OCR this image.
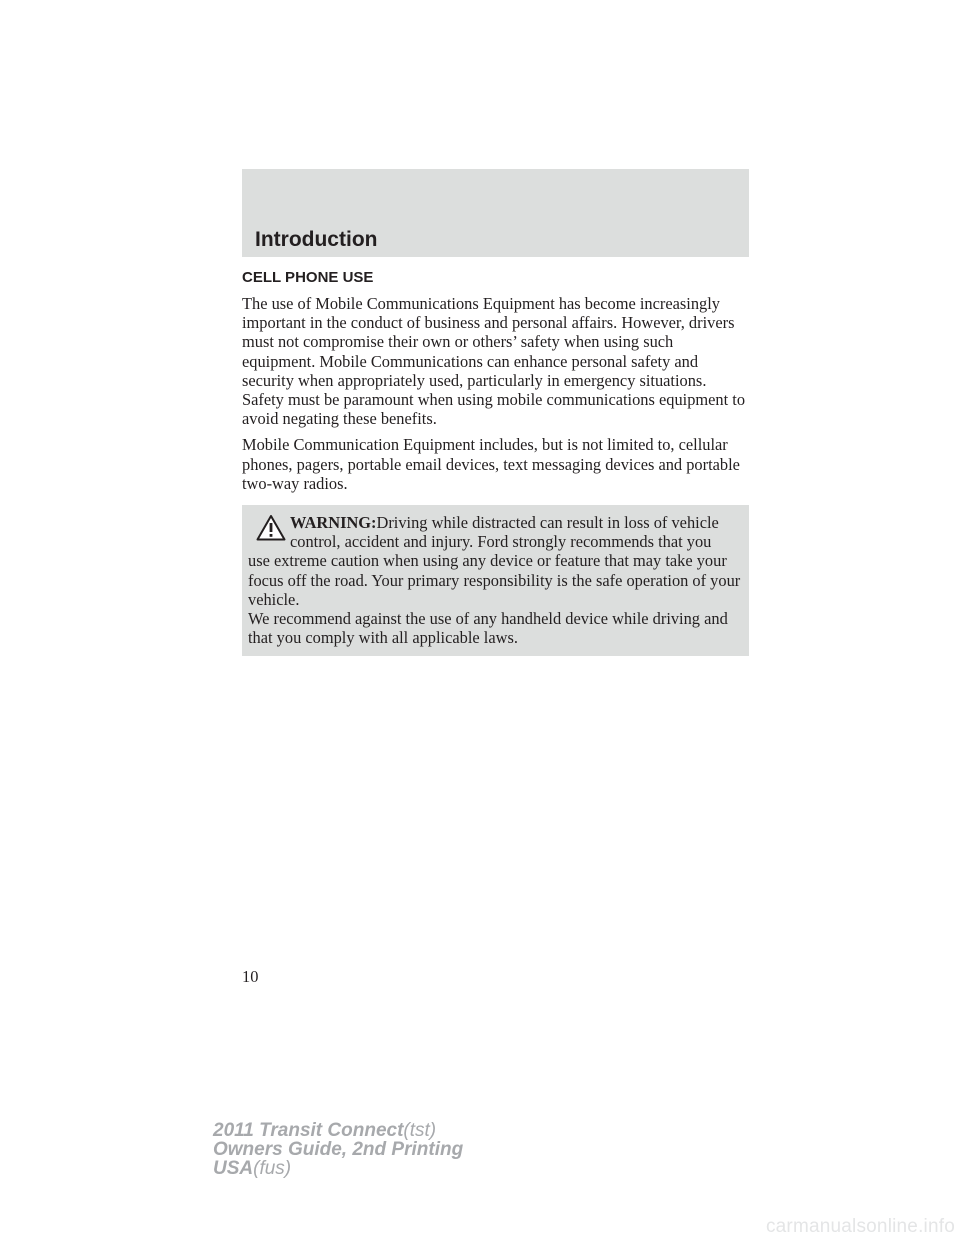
Introduction
CELL PHONE USE

The use of Mobile Communications Equipment has become increasingly important in the conduct of business and personal affairs. However, drivers must not compromise their own or others’ safety when using such equipment. Mobile Communications can enhance personal safety and security when appropriately used, particularly in emergency situations. Safety must be paramount when using mobile communications equipment to avoid negating these benefits.

Mobile Communication Equipment includes, but is not limited to, cellular phones, pagers, portable email devices, text messaging devices and portable two-way radios.

WARNING:Driving while distracted can result in loss of vehicle
control, accident and injury. Ford strongly recommends that you
use extreme caution when using any device or feature that may take your focus off the road. Your primary responsibility is the safe operation of your vehicle.
We recommend against the use of any handheld device while driving and that you comply with all applicable laws.
10
2011 Transit Connect(tst)
Owners Guide, 2nd Printing
USA(fus)
carmanualsonline.info
